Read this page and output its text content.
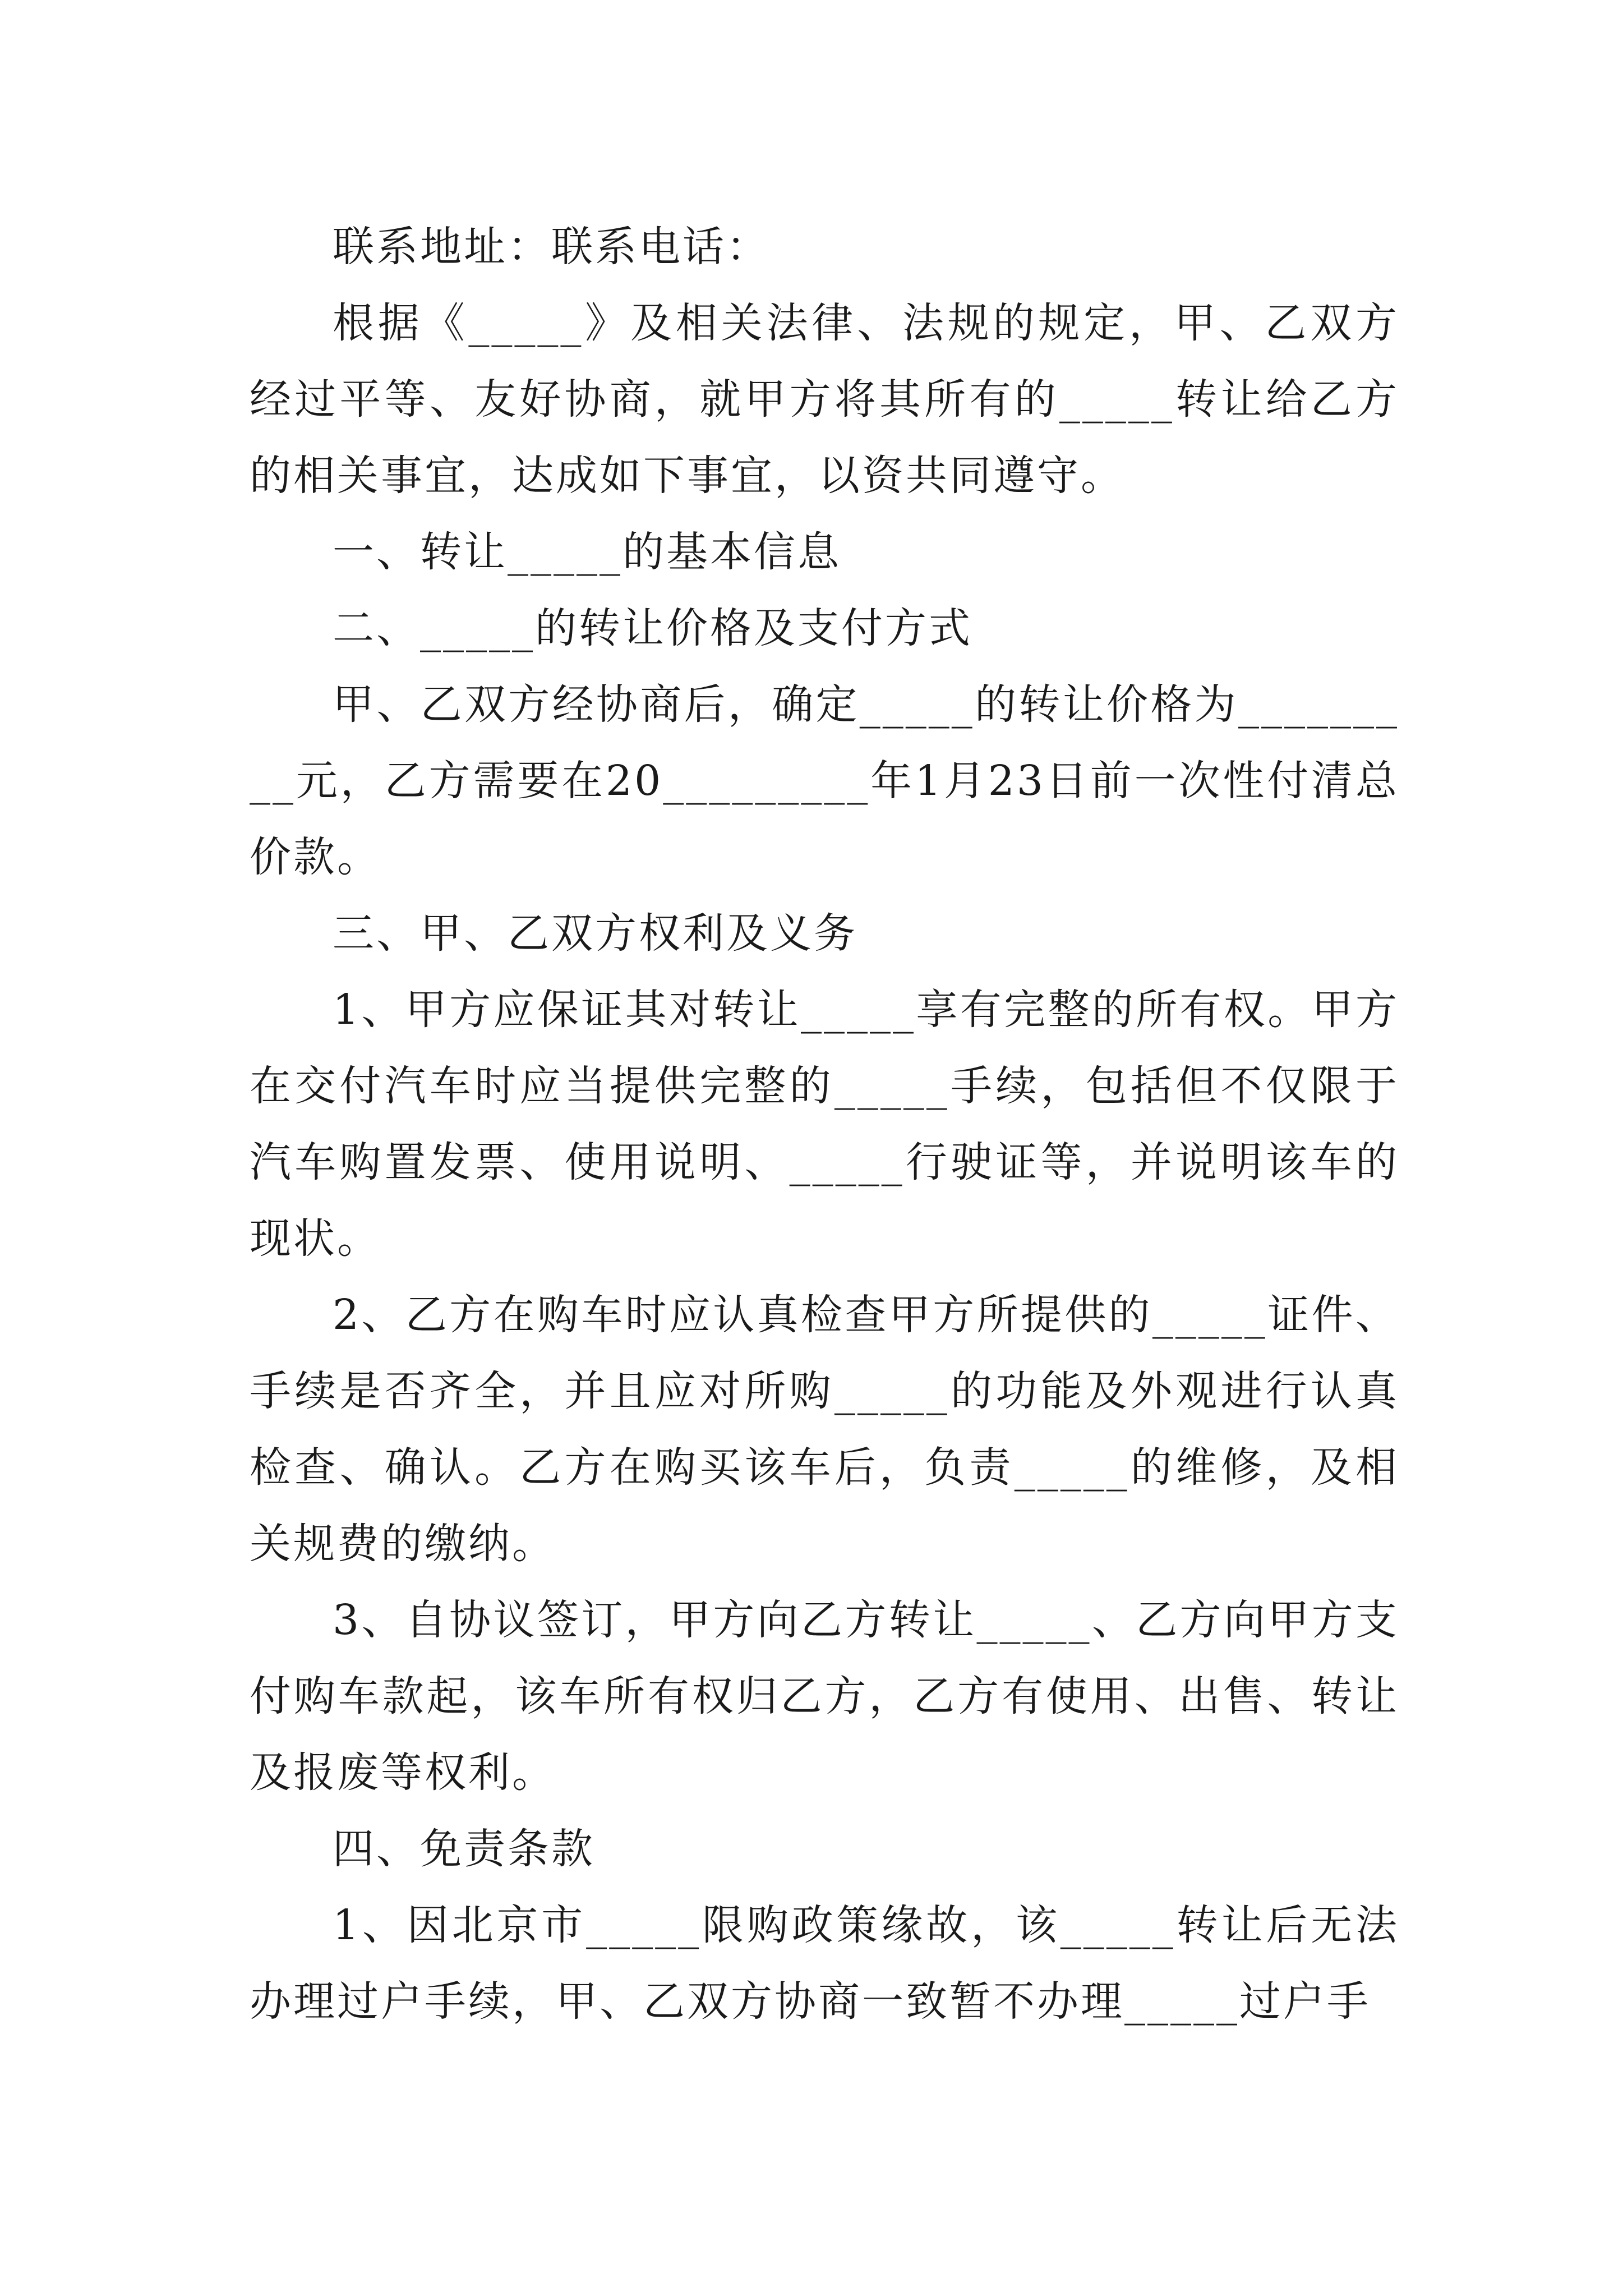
联系地址：联系电话：

根据《_____》及相关法律、法规的规定，甲、乙双方经过平等、友好协商，就甲方将其所有的_____转让给乙方的相关事宜，达成如下事宜，以资共同遵守。

一、转让_____的基本信息

二、_____的转让价格及支付方式

甲、乙双方经协商后，确定_____的转让价格为_________元，乙方需要在20_________年1月23日前一次性付清总价款。

三、甲、乙双方权利及义务

1、甲方应保证其对转让_____享有完整的所有权。甲方在交付汽车时应当提供完整的_____手续，包括但不仅限于汽车购置发票、使用说明、_____行驶证等，并说明该车的现状。

2、乙方在购车时应认真检查甲方所提供的_____证件、手续是否齐全，并且应对所购_____的功能及外观进行认真检查、确认。乙方在购买该车后，负责_____的维修，及相关规费的缴纳。

3、自协议签订，甲方向乙方转让_____、乙方向甲方支付购车款起，该车所有权归乙方，乙方有使用、出售、转让及报废等权利。

四、免责条款

1、因北京市_____限购政策缘故，该_____转让后无法办理过户手续，甲、乙双方协商一致暂不办理_____过户手
